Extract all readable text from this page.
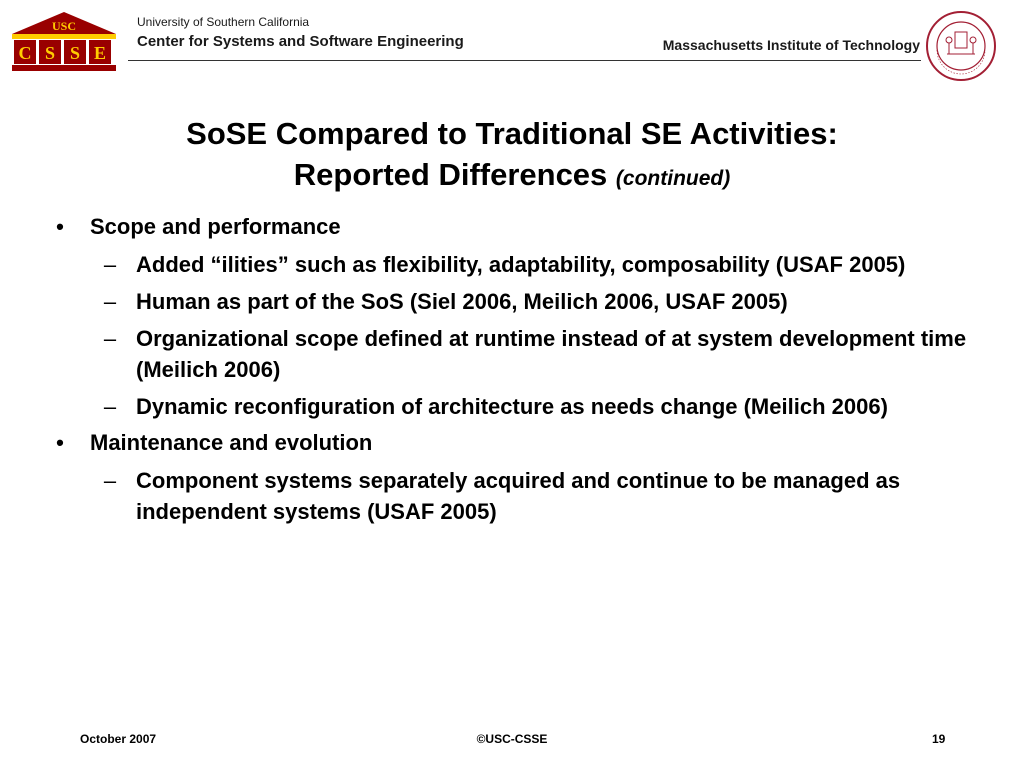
USC
C S S E
University of Southern California
Center for Systems and Software Engineering	Massachusetts Institute of Technology
SoSE Compared to Traditional SE Activities:
Reported Differences (continued)
• Scope and performance
– Added “ilities” such as flexibility, adaptability, composability (USAF 2005)
– Human as part of the SoS (Siel 2006, Meilich 2006, USAF 2005)
– Organizational scope defined at runtime instead of at system development time (Meilich 2006)
– Dynamic reconfiguration of architecture as needs change (Meilich 2006)
• Maintenance and evolution
– Component systems separately acquired and continue to be managed as independent systems (USAF 2005)
October 2007	©USC-CSSE	19
